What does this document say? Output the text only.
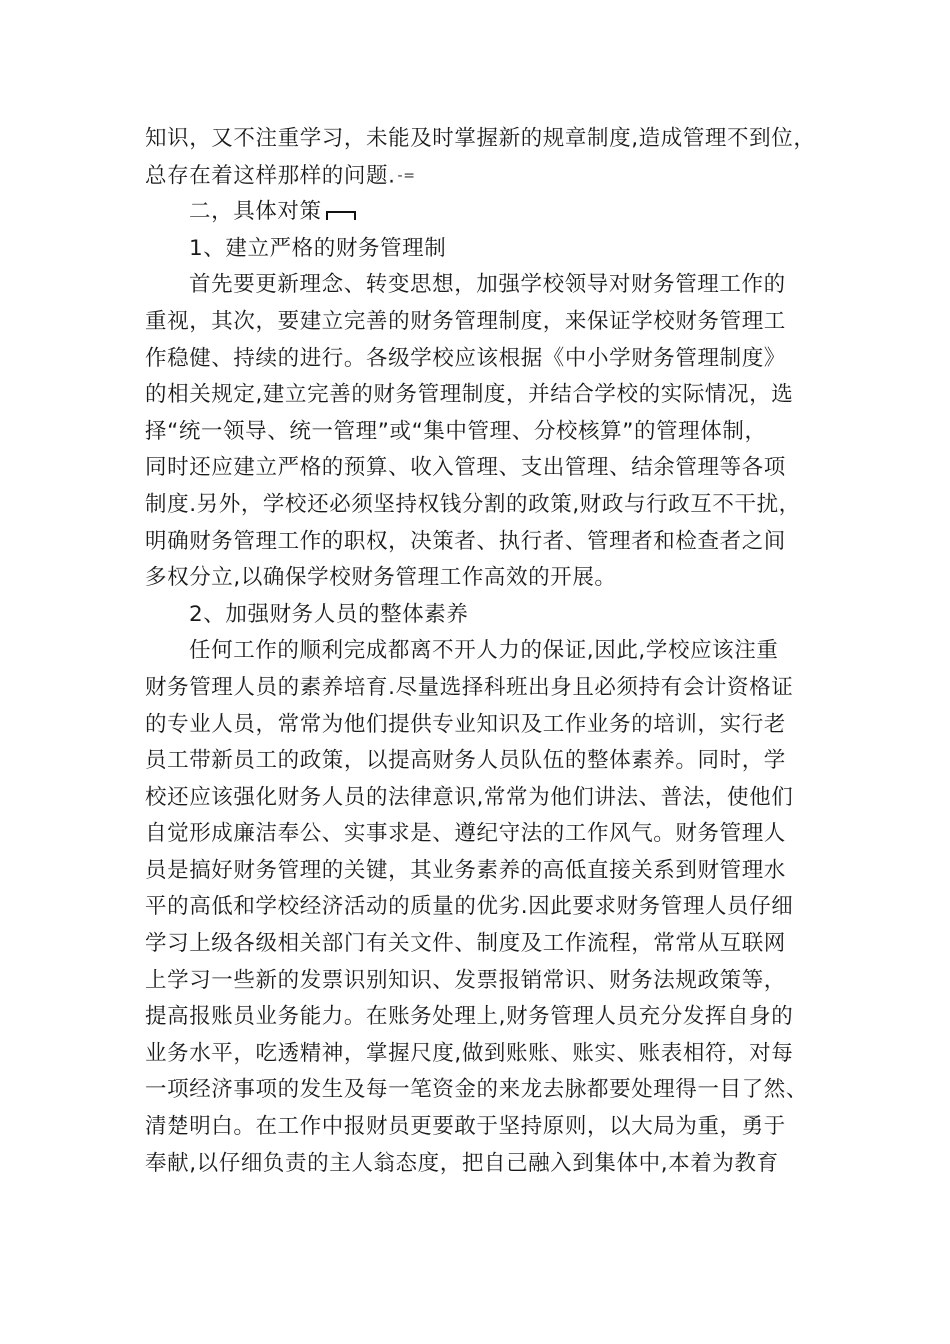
知识，又不注重学习，未能及时掌握新的规章制度,造成管理不到位，
总存在着这样那样的问题. -=
二，具体对策
1、建立严格的财务管理制
首先要更新理念、转变思想，加强学校领导对财务管理工作的
重视，其次，要建立完善的财务管理制度，来保证学校财务管理工
作稳健、持续的进行。各级学校应该根据《中小学财务管理制度》
的相关规定,建立完善的财务管理制度，并结合学校的实际情况，选
择“统一领导、统一管理”或“集中管理、分校核算”的管理体制，
同时还应建立严格的预算、收入管理、支出管理、结余管理等各项
制度.另外，学校还必须坚持权钱分割的政策,财政与行政互不干扰，
明确财务管理工作的职权，决策者、执行者、管理者和检查者之间
多权分立,以确保学校财务管理工作高效的开展。
2、加强财务人员的整体素养
任何工作的顺利完成都离不开人力的保证,因此,学校应该注重
财务管理人员的素养培育.尽量选择科班出身且必须持有会计资格证
的专业人员，常常为他们提供专业知识及工作业务的培训，实行老
员工带新员工的政策，以提高财务人员队伍的整体素养。同时，学
校还应该强化财务人员的法律意识,常常为他们讲法、普法，使他们
自觉形成廉洁奉公、实事求是、遵纪守法的工作风气。财务管理人
员是搞好财务管理的关键，其业务素养的高低直接关系到财管理水
平的高低和学校经济活动的质量的优劣.因此要求财务管理人员仔细
学习上级各级相关部门有关文件、制度及工作流程，常常从互联网
上学习一些新的发票识别知识、发票报销常识、财务法规政策等，
提高报账员业务能力。在账务处理上,财务管理人员充分发挥自身的
业务水平，吃透精神，掌握尺度,做到账账、账实、账表相符，对每
一项经济事项的发生及每一笔资金的来龙去脉都要处理得一目了然、
清楚明白。在工作中报财员更要敢于坚持原则，以大局为重，勇于
奉献,以仔细负责的主人翁态度，把自己融入到集体中,本着为教育
